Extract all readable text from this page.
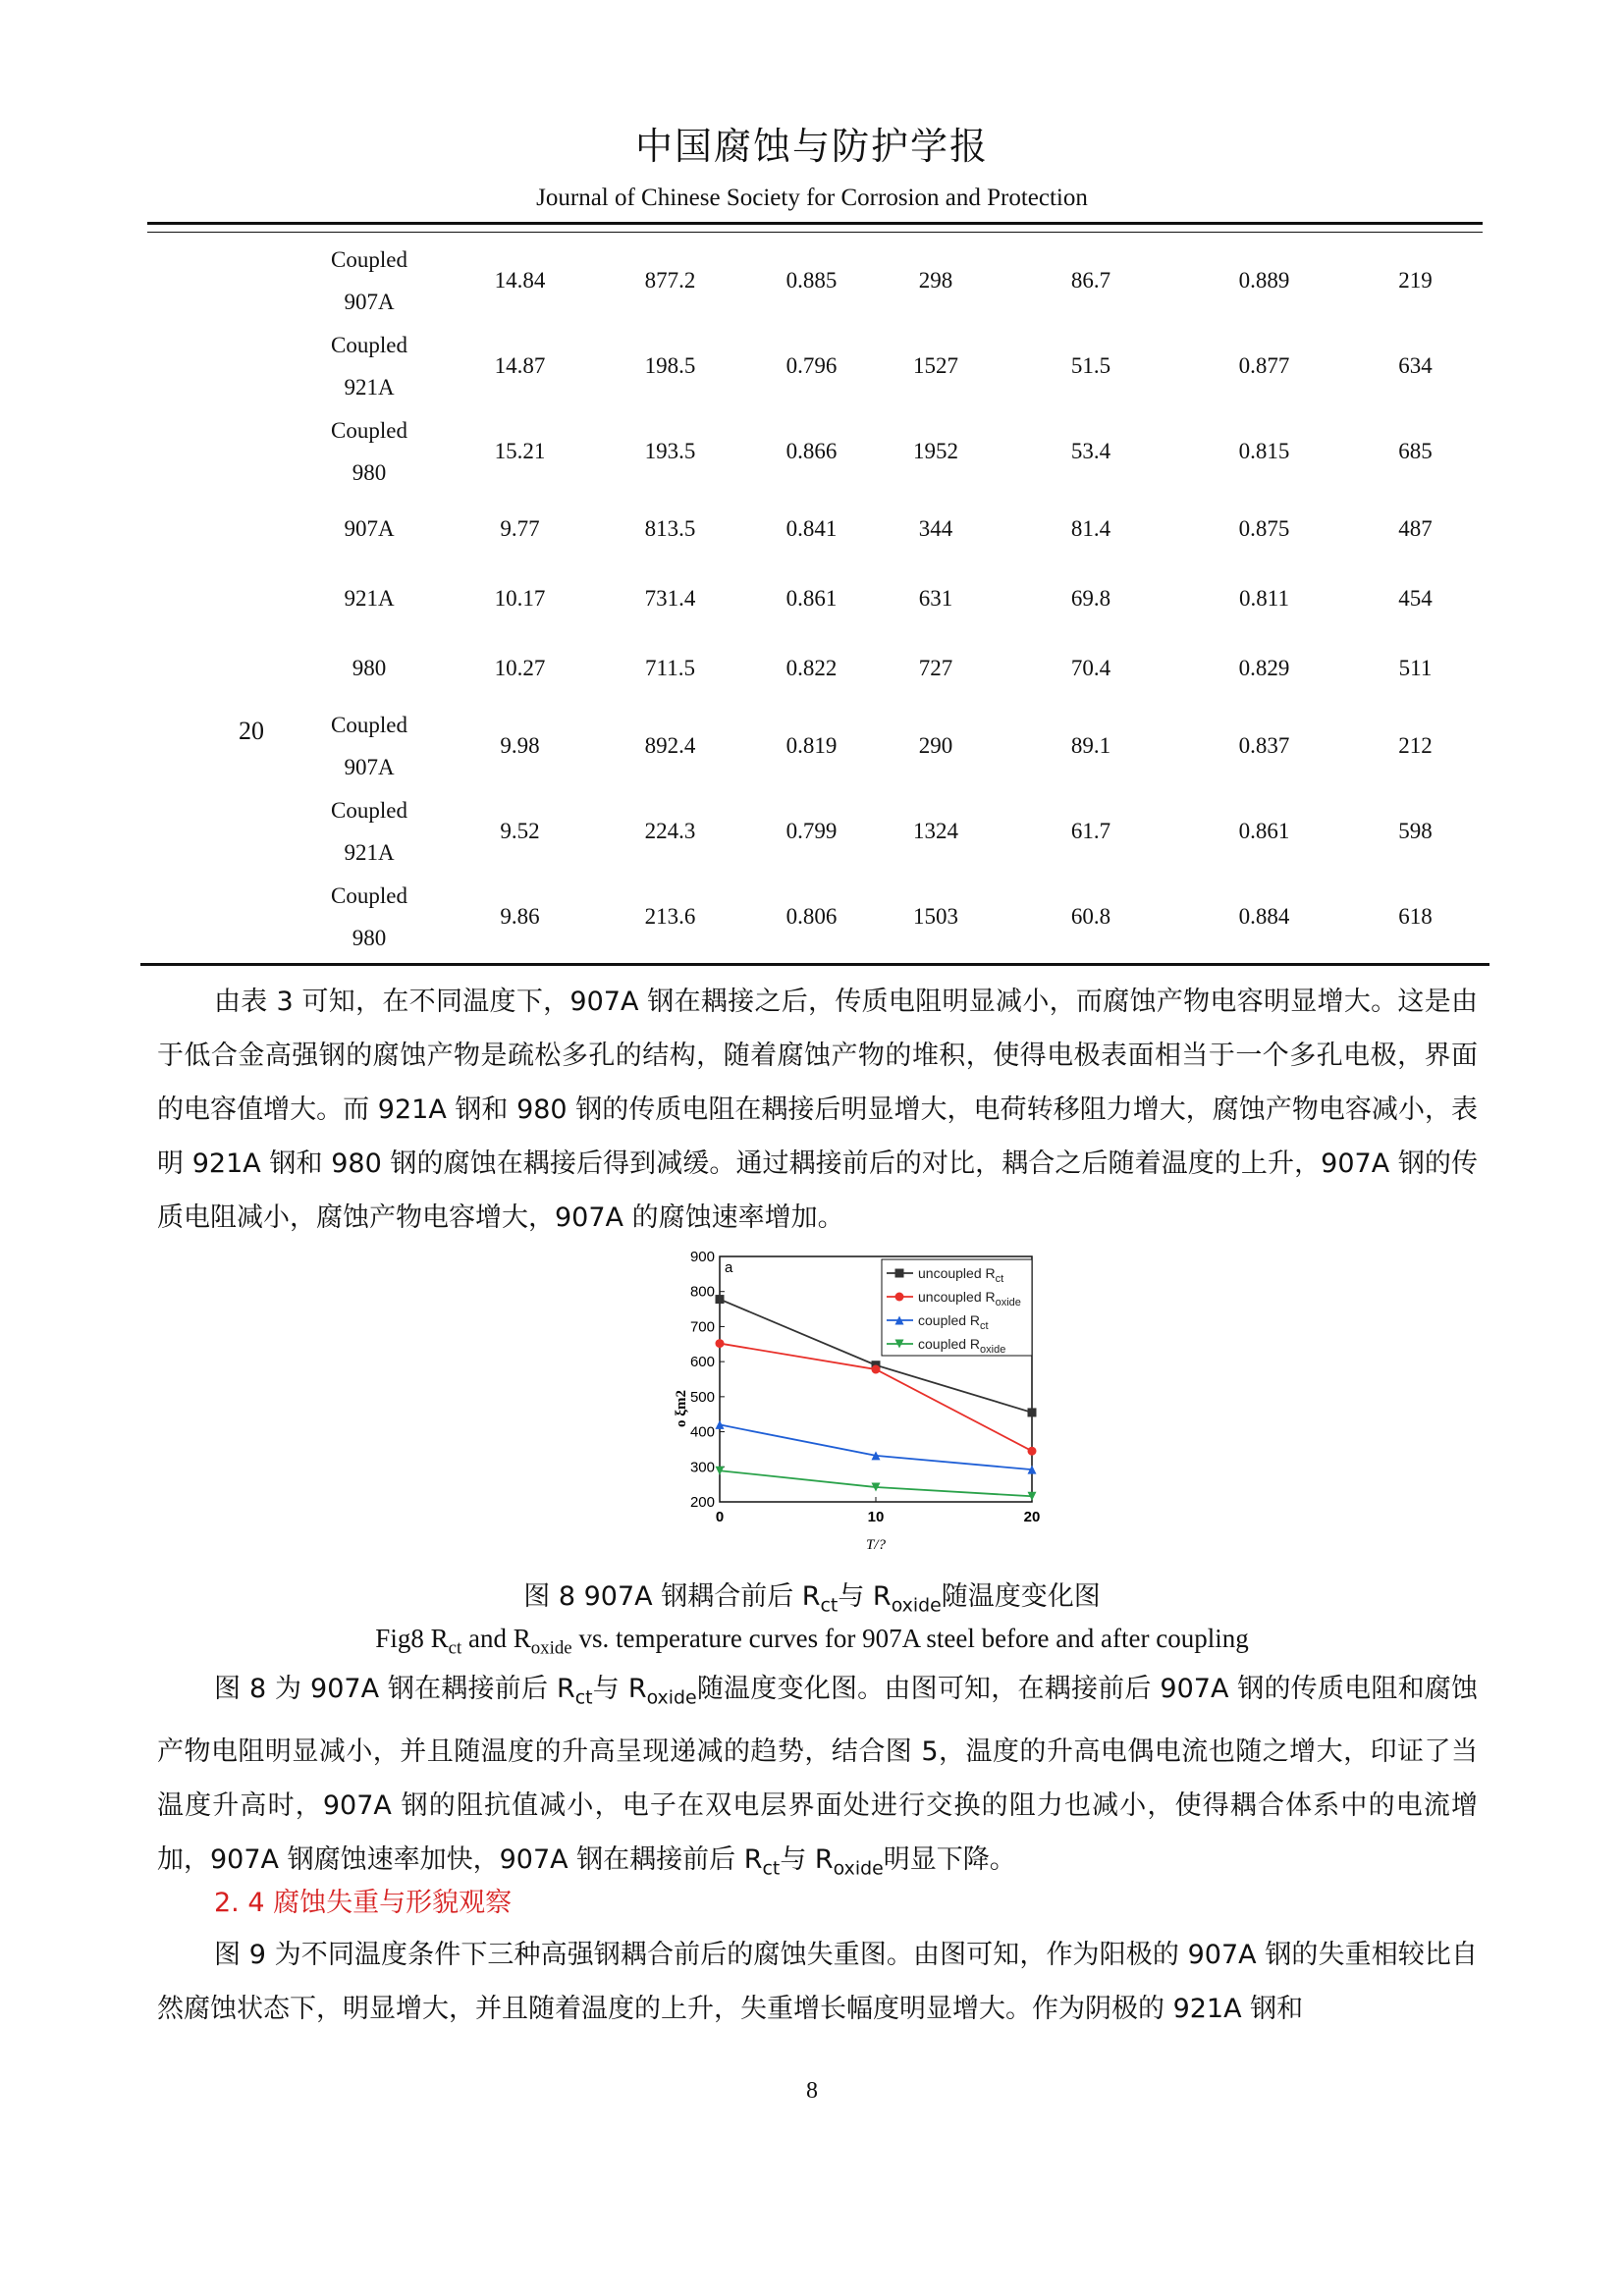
中国腐蚀与防护学报
Journal of Chinese Society for Corrosion and Protection
20

	Coupled
907A	14.84	877.2	0.885	298	86.7	0.889	219

	Coupled
921A	14.87	198.5	0.796	1527	51.5	0.877	634

	Coupled
980	15.21	193.5	0.866	1952	53.4	0.815	685

	907A	9.77	813.5	0.841	344	81.4	0.875	487

	921A	10.17	731.4	0.861	631	69.8	0.811	454

	980	10.27	711.5	0.822	727	70.4	0.829	511

	Coupled
907A	9.98	892.4	0.819	290	89.1	0.837	212

	Coupled
921A	9.52	224.3	0.799	1324	61.7	0.861	598

	Coupled
980	9.86	213.6	0.806	1503	60.8	0.884	618
由表 3 可知，在不同温度下，907A 钢在耦接之后，传质电阻明显减小，而腐蚀产物电容明显增大。这是由于低合金高强钢的腐蚀产物是疏松多孔的结构，随着腐蚀产物的堆积，使得电极表面相当于一个多孔电极，界面的电容值增大。而 921A 钢和 980 钢的传质电阻在耦接后明显增大，电荷转移阻力增大，腐蚀产物电容减小，表明 921A 钢和 980 钢的腐蚀在耦接后得到减缓。通过耦接前后的对比，耦合之后随着温度的上升，907A 钢的传质电阻减小，腐蚀产物电容增大，907A 的腐蚀速率增加。
200
300
400
500
600
700
800
900
0	10	20
T/?
o ξm2
a	uncoupled $R_{ct}$
uncoupled $R_{oxide}$
coupled $R_{ct}$
coupled $R_{oxide}$
图 8 907A 钢耦合前后 $R_{ct}$与 $R_{oxide}$随温度变化图
Fig8 $R_{ct}$ and $R_{oxide}$ vs. temperature curves for 907A steel before and after coupling
图 8 为 907A 钢在耦接前后 $R_{ct}$与 $R_{oxide}$随温度变化图。由图可知，在耦接前后 907A 钢的传质电阻和腐蚀产物电阻明显减小，并且随温度的升高呈现递减的趋势，结合图 5，温度的升高电偶电流也随之增大，印证了当温度升高时，907A 钢的阻抗值减小，电子在双电层界面处进行交换的阻力也减小，使得耦合体系中的电流增加，907A 钢腐蚀速率加快，907A 钢在耦接前后 $R_{ct}$与 $R_{oxide}$明显下降。
2. 4 腐蚀失重与形貌观察
图 9 为不同温度条件下三种高强钢耦合前后的腐蚀失重图。由图可知，作为阳极的 907A 钢的失重相较比自然腐蚀状态下，明显增大，并且随着温度的上升，失重增长幅度明显增大。作为阴极的 921A 钢和
8
